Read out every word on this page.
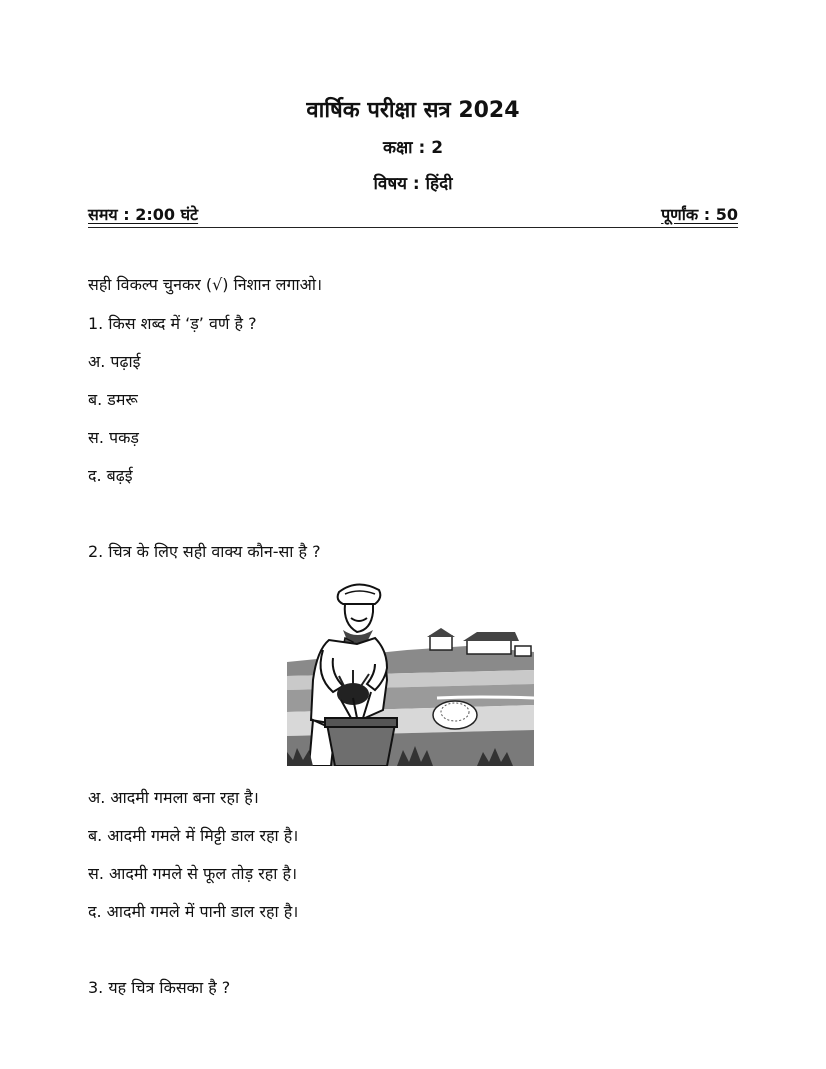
वार्षिक परीक्षा सत्र 2024
कक्षा : 2
विषय : हिंदी
समय : 2:00 घंटे	पूर्णांक : 50
सही विकल्प चुनकर (√) निशान लगाओ।
1. किस शब्द में ‘ड़’ वर्ण है ?
अ. पढ़ाई
ब. डमरू
स. पकड़
द. बढ़ई
2. चित्र के लिए सही वाक्य कौन-सा है ?
अ. आदमी गमला बना रहा है।
ब. आदमी गमले में मिट्टी डाल रहा है।
स. आदमी गमले से फूल तोड़ रहा है।
द. आदमी गमले में पानी डाल रहा है।
3. यह चित्र किसका है ?
